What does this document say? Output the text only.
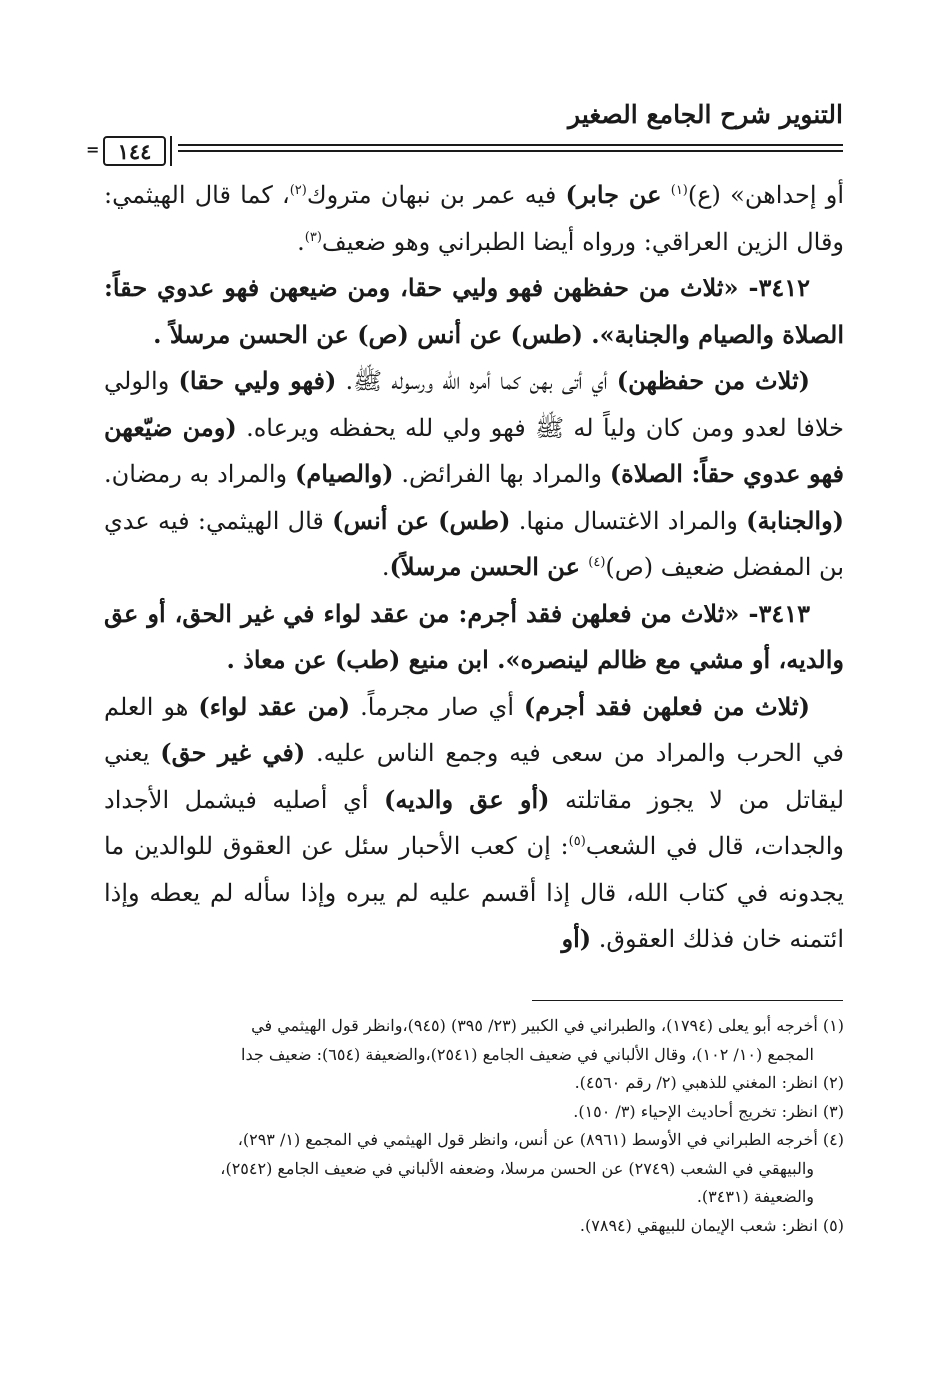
التنوير شرح الجامع الصغير
= ١٤٤

أو إحداهن» (ع)$^{(١)}$ عن جابر) فيه عمر بن نبهان متروك$^{(٢)}$، كما قال الهيثمي: وقال الزين العراقي: ورواه أيضا الطبراني وهو ضعيف$^{(٣)}$.

٣٤١٢- «ثلاث من حفظهن فهو وليي حقا، ومن ضيعهن فهو عدوي حقاً: الصلاة والصيام والجنابة». (طس) عن أنس (ص) عن الحسن مرسلاً .

(ثلاث من حفظهن) أي أتى بهن كما أمره الله ورسوله ﷺ. (فهو وليي حقا) والولي خلافا لعدو ومن كان ولياً له ﷺ فهو ولي لله يحفظه ويرعاه. (ومن ضيّعهن فهو عدوي حقاً: الصلاة) والمراد بها الفرائض. (والصيام) والمراد به رمضان. (والجنابة) والمراد الاغتسال منها. (طس) عن أنس) قال الهيثمي: فيه عدي بن المفضل ضعيف (ص)$^{(٤)}$ عن الحسن مرسلاً).

٣٤١٣- «ثلاث من فعلهن فقد أجرم: من عقد لواء في غير الحق، أو عق والديه، أو مشي مع ظالم لينصره». ابن منيع (طب) عن معاذ .

(ثلاث من فعلهن فقد أجرم) أي صار مجرماً. (من عقد لواء) هو العلم في الحرب والمراد من سعى فيه وجمع الناس عليه. (في غير حق) يعني ليقاتل من لا يجوز مقاتلته (أو عق والديه) أي أصليه فيشمل الأجداد والجدات، قال في الشعب$^{(٥)}$: إن كعب الأحبار سئل عن العقوق للوالدين ما يجدونه في كتاب الله، قال إذا أقسم عليه لم يبره وإذا سأله لم يعطه وإذا ائتمنه خان فذلك العقوق. (أو

(١) أخرجه أبو يعلى (١٧٩٤)، والطبراني في الكبير (٢٣/ ٣٩٥) (٩٤٥)،وانظر قول الهيثمي في

المجمع (١٠/ ١٠٢)، وقال الألباني في ضعيف الجامع (٢٥٤١)،والضعيفة (٦٥٤): ضعيف جدا

(٢) انظر: المغني للذهبي (٢/ رقم ٤٥٦٠).

(٣) انظر: تخريج أحاديث الإحياء (٣/ ١٥٠).

(٤) أخرجه الطبراني في الأوسط (٨٩٦١) عن أنس، وانظر قول الهيثمي في المجمع (١/ ٢٩٣)،

والبيهقي في الشعب (٢٧٤٩) عن الحسن مرسلا، وضعفه الألباني في ضعيف الجامع (٢٥٤٢)،

والضعيفة (٣٤٣١).

(٥) انظر: شعب الإيمان للبيهقي (٧٨٩٤).
